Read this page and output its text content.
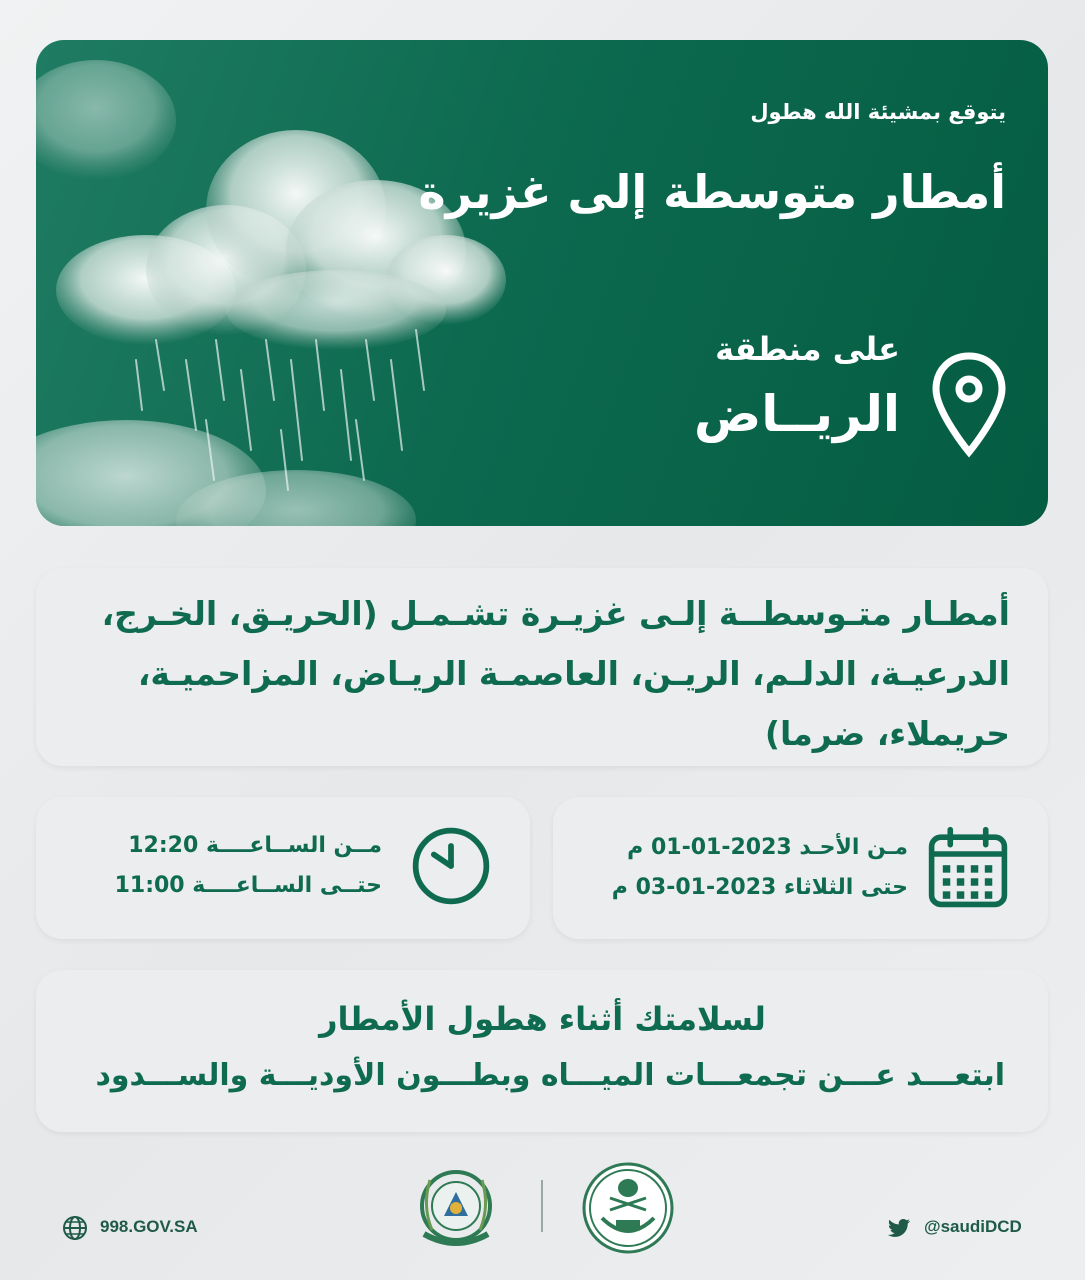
يتوقع بمشيئة الله هطول
أمطار متوسطة إلى غزيرة
على منطقة
الريــاض
أمطـار متـوسطــة إلـى غزيـرة تشـمـل (الحريـق، الخـرج، الدرعيـة، الدلـم، الريـن، العاصمـة الريـاض، المزاحميـة، حريملاء، ضرما)
مــن الســاعــــة 12:20
حتــى الســاعــــة 11:00
مـن الأحـد 2023-01-01 م
حتى الثلاثاء 2023-01-03 م
لسلامتك أثناء هطول الأمطار
ابتعـــد عـــن تجمعـــات الميـــاه وبطـــون الأوديـــة والســـدود
998.GOV.SA	@saudiDCD
